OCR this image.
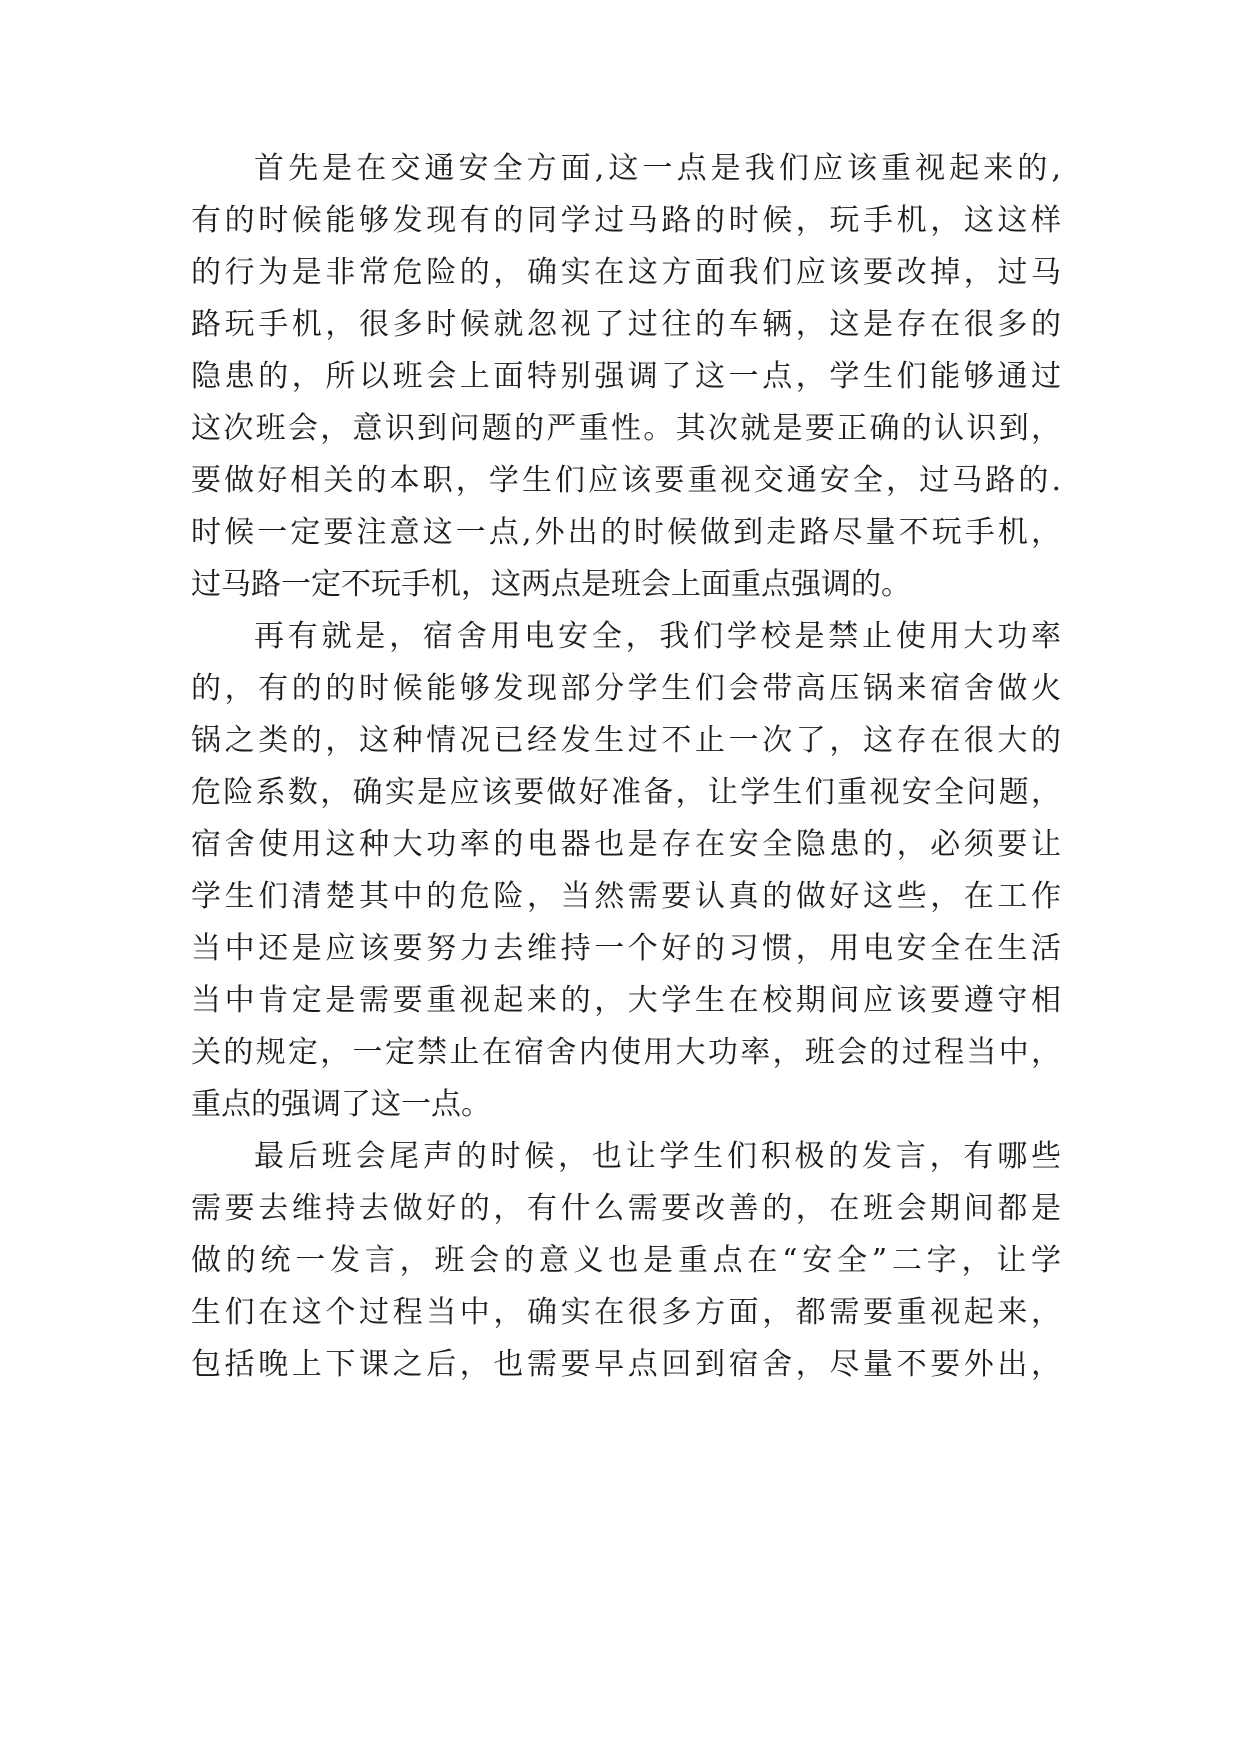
首先是在交通安全方面,这一点是我们应该重视起来的,
有的时候能够发现有的同学过马路的时候，玩手机，这这样
的行为是非常危险的，确实在这方面我们应该要改掉，过马
路玩手机，很多时候就忽视了过往的车辆，这是存在很多的
隐患的，所以班会上面特别强调了这一点，学生们能够通过
这次班会，意识到问题的严重性。其次就是要正确的认识到，
要做好相关的本职，学生们应该要重视交通安全，过马路的.
时候一定要注意这一点,外出的时候做到走路尽量不玩手机，
过马路一定不玩手机，这两点是班会上面重点强调的。
再有就是，宿舍用电安全，我们学校是禁止使用大功率
的，有的的时候能够发现部分学生们会带高压锅来宿舍做火
锅之类的，这种情况已经发生过不止一次了，这存在很大的
危险系数，确实是应该要做好准备，让学生们重视安全问题，
宿舍使用这种大功率的电器也是存在安全隐患的，必须要让
学生们清楚其中的危险，当然需要认真的做好这些，在工作
当中还是应该要努力去维持一个好的习惯，用电安全在生活
当中肯定是需要重视起来的，大学生在校期间应该要遵守相
关的规定，一定禁止在宿舍内使用大功率，班会的过程当中，
重点的强调了这一点。
最后班会尾声的时候，也让学生们积极的发言，有哪些
需要去维持去做好的，有什么需要改善的，在班会期间都是
做的统一发言，班会的意义也是重点在“安全”二字，让学
生们在这个过程当中，确实在很多方面，都需要重视起来，
包括晚上下课之后，也需要早点回到宿舍，尽量不要外出，
